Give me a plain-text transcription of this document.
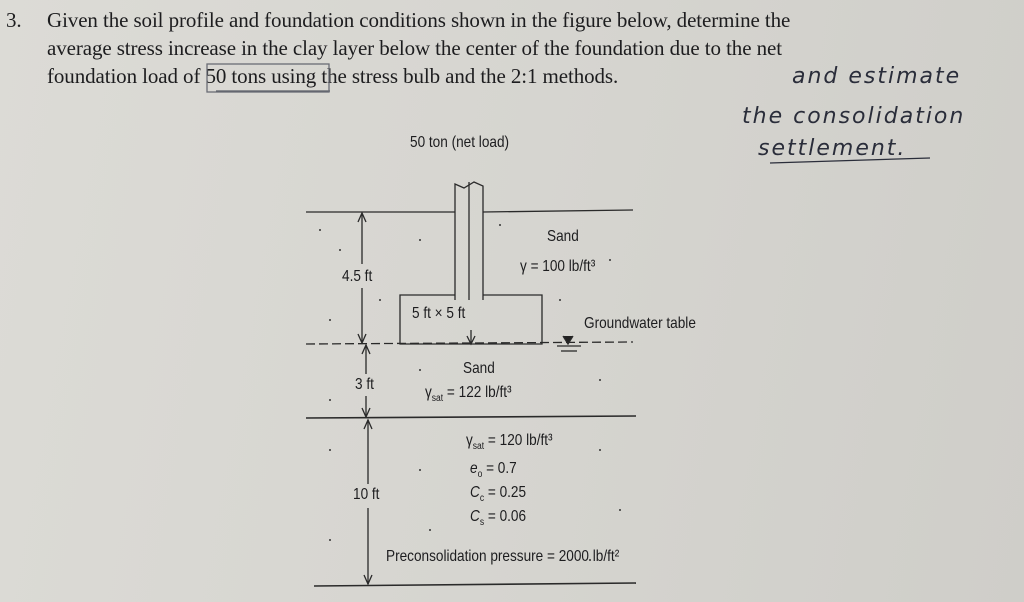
3. Given the soil profile and foundation conditions shown in the figure below, determine the
average stress increase in the clay layer below the center of the foundation due to the net
foundation load of 50 tons using the stress bulb and the 2:1 methods.	and estimate
the consolidation
settlement.
50 ton (net load)
Sand
γ = 100 lb/ft³
4.5 ft
5 ft × 5 ft
Groundwater table
Sand
$\gamma_{sat} = 122$ lb/ft³
3 ft
$\gamma_{sat} = 120$ lb/ft³
$e_o = 0.7$
$C_c = 0.25$
$C_s = 0.06$
10 ft
Preconsolidation pressure = 2000 lb/ft²
